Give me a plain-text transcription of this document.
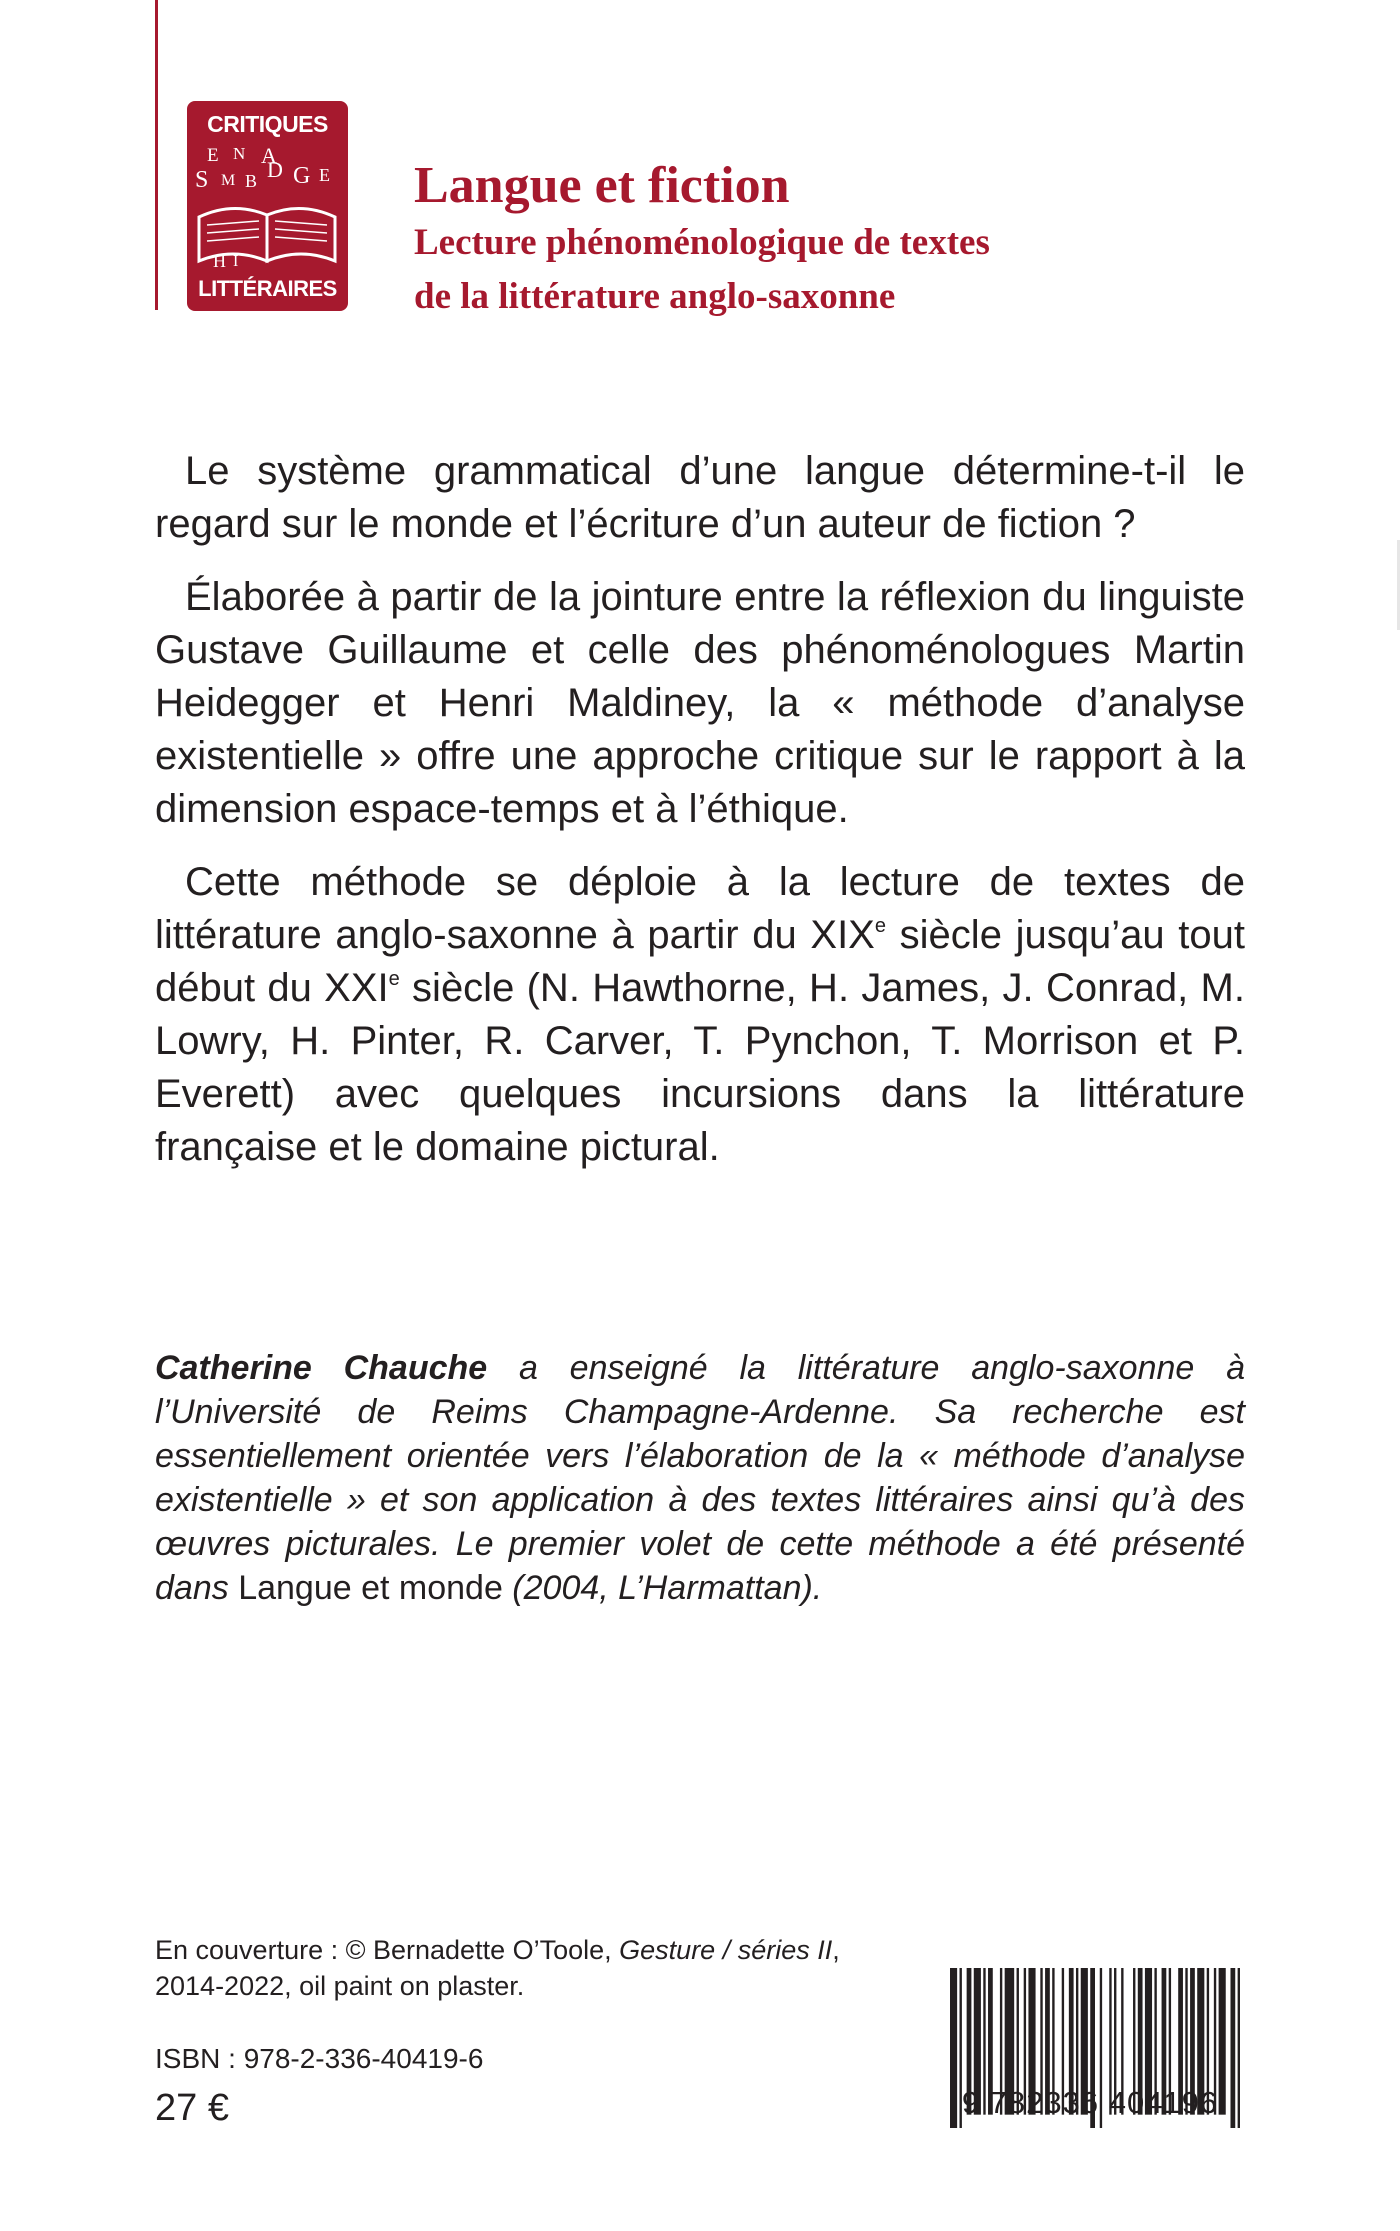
CRITIQUES
E N A
S M B D G E
H I
LITTÉRAIRES
Langue et fiction

Lecture phénoménologique de textes

de la littérature anglo-saxonne

Le système grammatical d’une langue détermine-t-il le regard sur le monde et l’écriture d’un auteur de fiction ?

Élaborée à partir de la jointure entre la réflexion du linguiste Gustave Guillaume et celle des phénoménologues Martin Heidegger et Henri Maldiney, la « méthode d’analyse existentielle » offre une approche critique sur le rapport à la dimension espace-temps et à l’éthique.

Cette méthode se déploie à la lecture de textes de littérature anglo-saxonne à partir du XIXe siècle jusqu’au tout début du XXIe siècle (N. Hawthorne, H. James, J. Conrad, M. Lowry, H. Pinter, R. Carver, T. Pynchon, T. Morrison et P. Everett) avec quelques incursions dans la littérature française et le domaine pictural.

Catherine Chauche a enseigné la littérature anglo-saxonne à l’Université de Reims Champagne-Ardenne. Sa recherche est essentiellement orientée vers l’élaboration de la « méthode d’analyse existentielle » et son application à des textes littéraires ainsi qu’à des œuvres picturales. Le premier volet de cette méthode a été présenté dans Langue et monde (2004, L’Harmattan).

En couverture : © Bernadette O’Toole, Gesture / séries II, 2014-2022, oil paint on plaster.

ISBN : 978-2-336-40419-6

27 €	9 782336 404196
